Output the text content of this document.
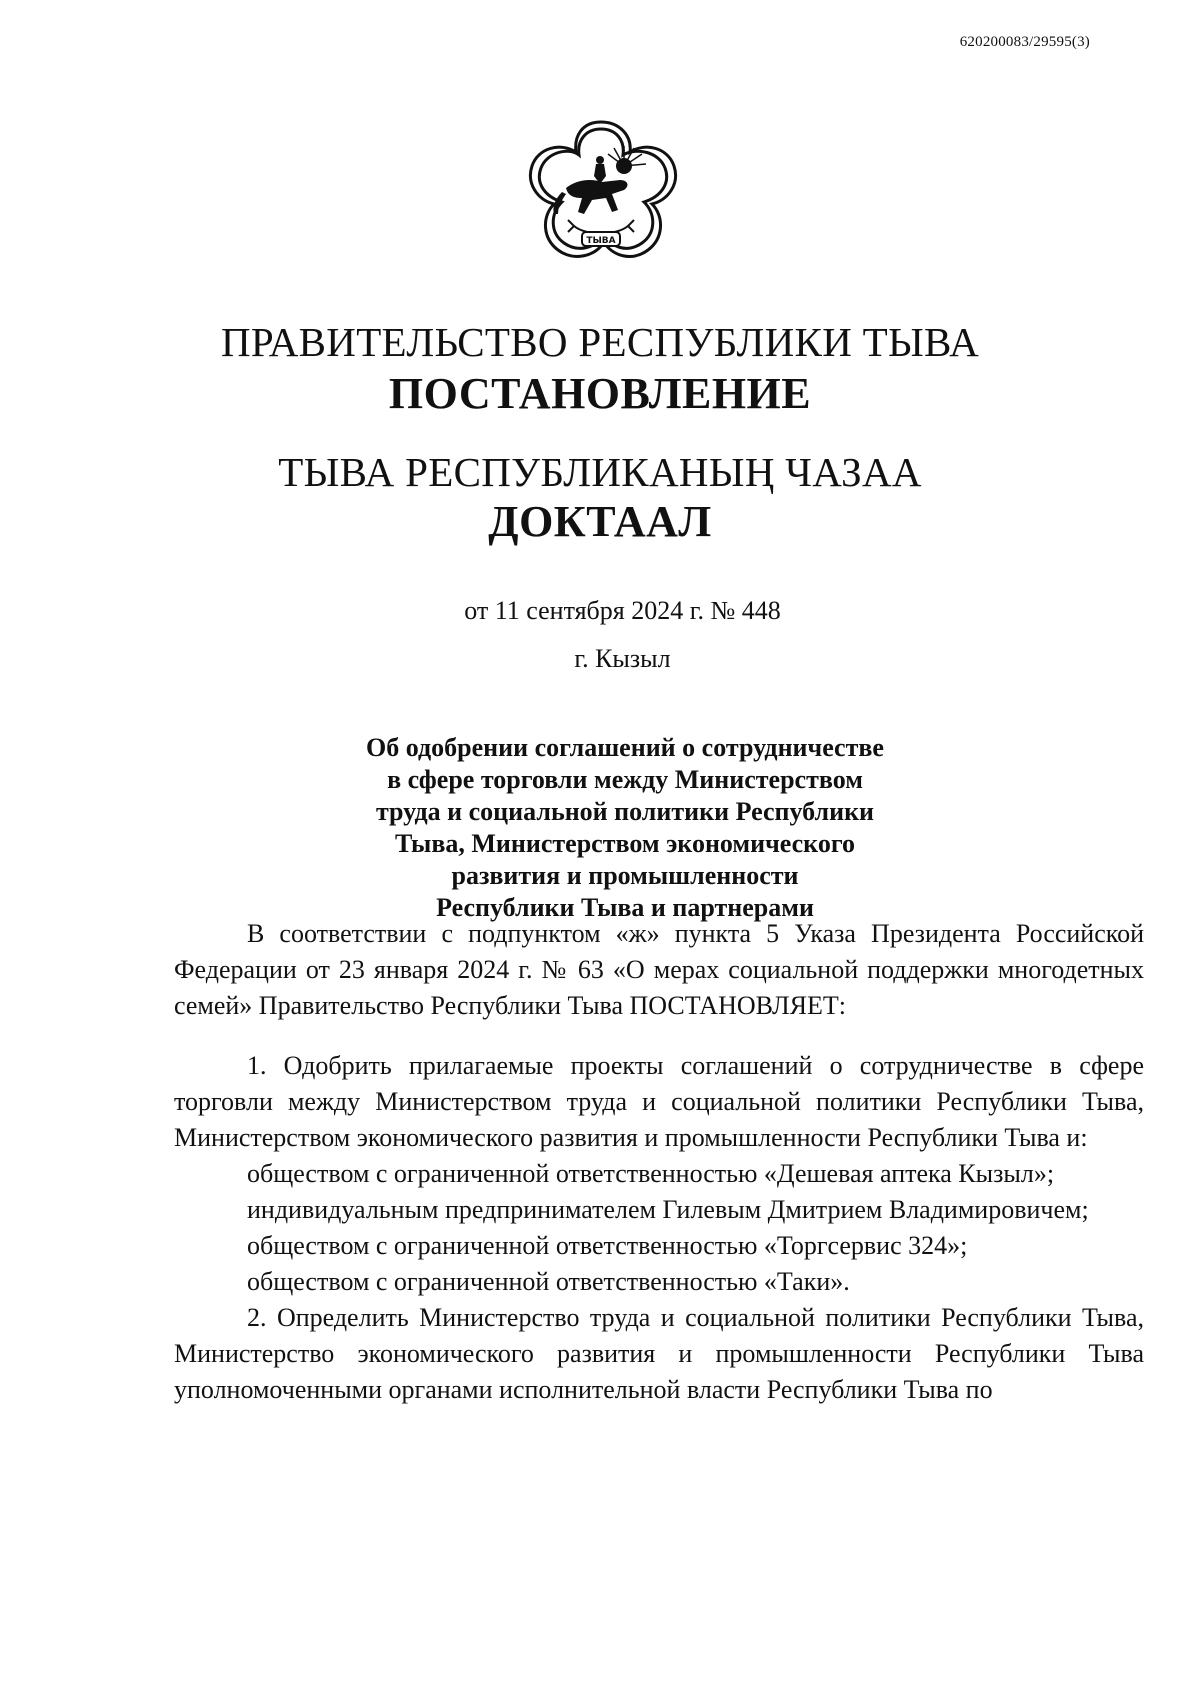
620200083/29595(3)
ТЫВА
ПРАВИТЕЛЬСТВО РЕСПУБЛИКИ ТЫВА
ПОСТАНОВЛЕНИЕ
ТЫВА РЕСПУБЛИКАНЫҢ ЧАЗАА
ДОКТААЛ
от 11 сентября 2024 г. № 448
г. Кызыл
Об одобрении соглашений о сотрудничестве
в сфере торговли между Министерством
труда и социальной политики Республики
Тыва, Министерством экономического
развития и промышленности
Республики Тыва и партнерами
В соответствии с подпунктом «ж» пункта 5 Указа Президента Российской Федерации от 23 января 2024 г. № 63 «О мерах социальной поддержки многодетных семей» Правительство Республики Тыва ПОСТАНОВЛЯЕТ:
1. Одобрить прилагаемые проекты соглашений о сотрудничестве в сфере торговли между Министерством труда и социальной политики Республики Тыва, Министерством экономического развития и промышленности Республики Тыва и:
обществом с ограниченной ответственностью «Дешевая аптека Кызыл»;
индивидуальным предпринимателем Гилевым Дмитрием Владимировичем;
обществом с ограниченной ответственностью «Торгсервис 324»;
обществом с ограниченной ответственностью «Таки».
2. Определить Министерство труда и социальной политики Республики Тыва, Министерство экономического развития и промышленности Республики Тыва уполномоченными органами исполнительной власти Республики Тыва по
